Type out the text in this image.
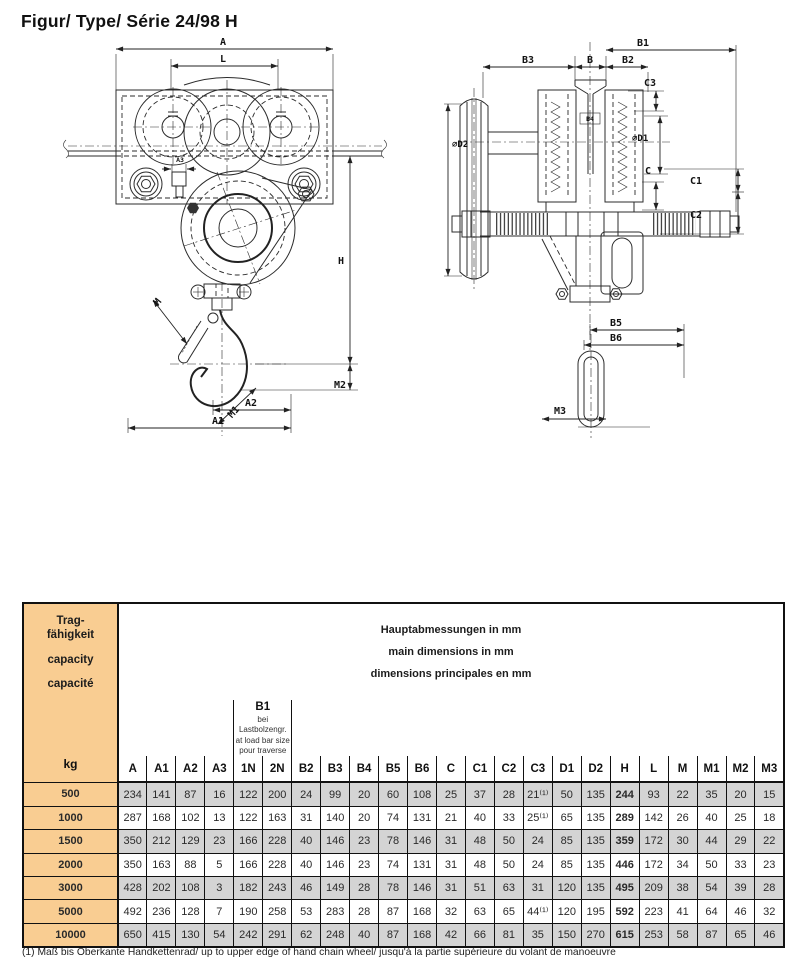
Figur/ Type/ Série 24/98 H
A
L
A3
M
M1
H
M2
A2
A1
B1
B3	B	B2
C3
B4
∅D2
∅D1
C
B5
B6
C1
C2
M3
Trag-
fähigkeit
capacity
capacité
kg

Hauptabmessungen in mm
main dimensions in mm
dimensions principales en mm

					B1
bei Lastbolzengr.
at load bar size
pour traverse																		

	A	A1	A2	A3	1N	2N	B2	B3	B4	B5	B6	C	C1	C2	C3	D1	D2	H	L	M	M1	M2	M3
500	234	141	87	16	122	200	24	99	20	60	108	25	37	28	21⁽¹⁾	50	135	244	93	22	35	20	15
1000	287	168	102	13	122	163	31	140	20	74	131	21	40	33	25⁽¹⁾	65	135	289	142	26	40	25	18
1500	350	212	129	23	166	228	40	146	23	78	146	31	48	50	24	85	135	359	172	30	44	29	22
2000	350	163	88	5	166	228	40	146	23	74	131	31	48	50	24	85	135	446	172	34	50	33	23
3000	428	202	108	3	182	243	46	149	28	78	146	31	51	63	31	120	135	495	209	38	54	39	28
5000	492	236	128	7	190	258	53	283	28	87	168	32	63	65	44⁽¹⁾	120	195	592	223	41	64	46	32
10000	650	415	130	54	242	291	62	248	40	87	168	42	66	81	35	150	270	615	253	58	87	65	46
(1) Maß bis Oberkante Handkettenrad/ up to upper edge of hand chain wheel/ jusqu'à la partie supérieure du volant de manoeuvre
